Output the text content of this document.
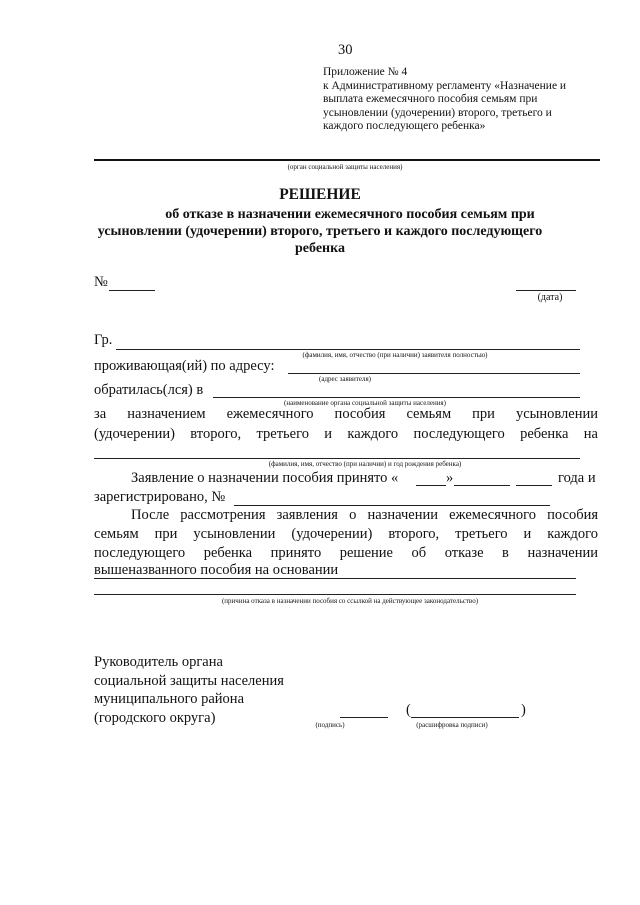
30
Приложение № 4
к Административному регламенту «Назначение и
выплата ежемесячного пособия семьям при
усыновлении (удочерении) второго, третьего и
каждого последующего ребенка»
(орган социальной защиты населения)
РЕШЕНИЕ
об отказе в назначении ежемесячного пособия семьям при
усыновлении (удочерении) второго, третьего и каждого последующего
ребенка
№
(дата)
Гр.
(фамилия, имя, отчество (при наличии) заявителя полностью)
проживающая(ий) по адресу:
(адрес заявителя)
обратилась(лся) в
(наименование органа социальной защиты населения)
за назначением ежемесячного пособия семьям при усыновлении
(удочерении) второго, третьего и каждого последующего ребенка на
(фамилия, имя, отчество (при наличии) и год рождения ребенка)
Заявление о назначении пособия принято «	»	года и
зарегистрировано, №
После рассмотрения заявления о назначении ежемесячного пособия
семьям при усыновлении (удочерении) второго, третьего и каждого
последующего ребенка принято решение об отказе в назначении
вышеназванного пособия на основании
(причина отказа в назначении пособия со ссылкой на действующее законодательство)
Руководитель органа
социальной защиты населения
муниципального района
(городского округа)	(подпись)
(	)
(расшифровка подписи)
